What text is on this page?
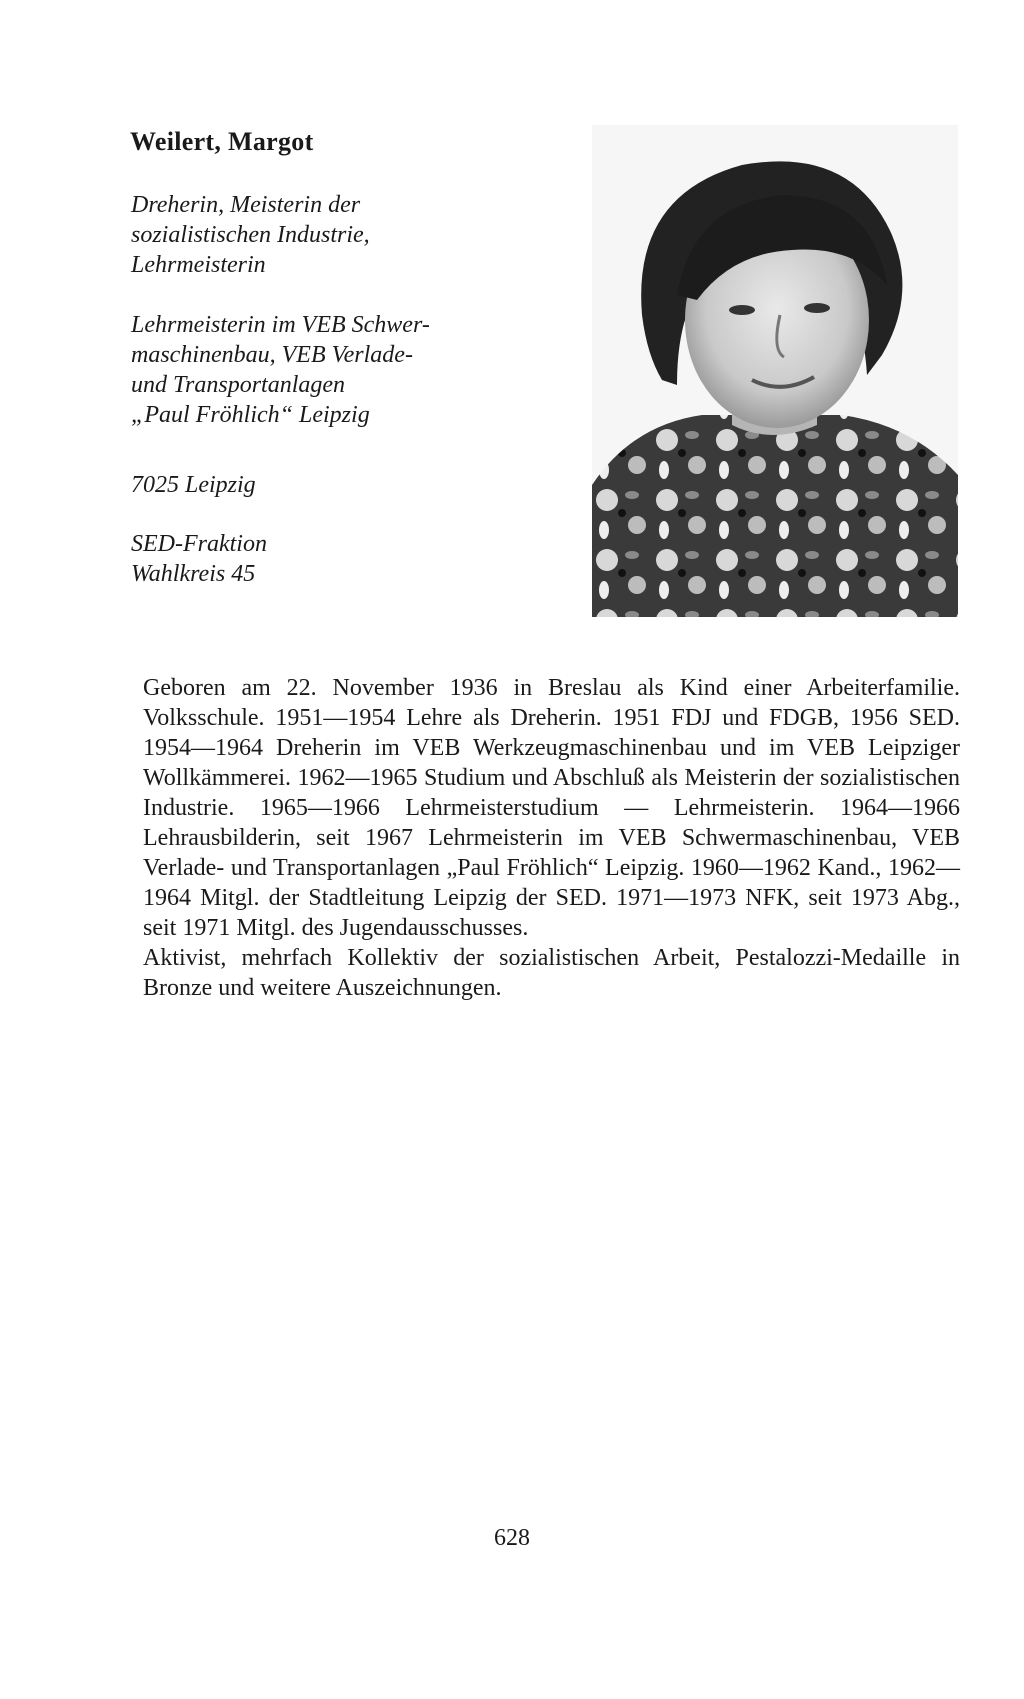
Weilert, Margot
Dreherin, Meisterin der
sozialistischen Industrie,
Lehrmeisterin
Lehrmeisterin im VEB Schwer-
maschinenbau, VEB Verlade-
und Transportanlagen
„Paul Fröhlich“ Leipzig
7025 Leipzig
SED-Fraktion
Wahlkreis 45

Geboren am 22. November 1936 in Breslau als Kind einer Arbeiterfamilie. Volksschule. 1951—1954 Lehre als Dreherin. 1951 FDJ und FDGB, 1956 SED. 1954—1964 Dreherin im VEB Werkzeugmaschinenbau und im VEB Leipziger Wollkämmerei. 1962—1965 Studium und Abschluß als Meisterin der sozialistischen Industrie. 1965—1966 Lehrmeisterstudium — Lehrmeisterin. 1964—1966 Lehrausbilderin, seit 1967 Lehrmeisterin im VEB Schwermaschinenbau, VEB Verlade- und Transportanlagen „Paul Fröhlich“ Leipzig. 1960—1962 Kand., 1962—1964 Mitgl. der Stadtleitung Leipzig der SED. 1971—1973 NFK, seit 1973 Abg., seit 1971 Mitgl. des Jugendausschusses.

Aktivist, mehrfach Kollektiv der sozialistischen Arbeit, Pestalozzi-Medaille in Bronze und weitere Auszeichnungen.

628
